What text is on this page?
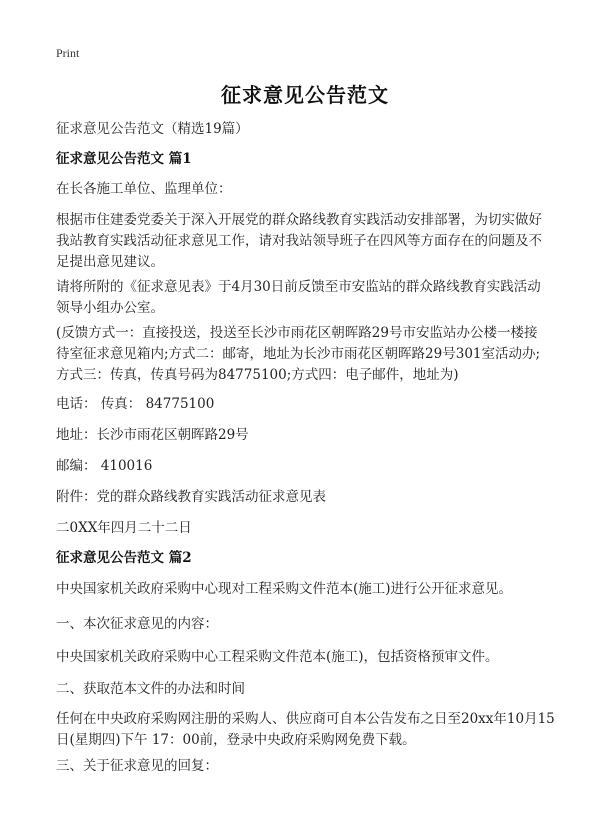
Print
征求意见公告范文
征求意见公告范文（精选19篇）
征求意见公告范文 篇1
在长各施工单位、监理单位：
根据市住建委党委关于深入开展党的群众路线教育实践活动安排部署，为切实做好
我站教育实践活动征求意见工作，请对我站领导班子在四风等方面存在的问题及不
足提出意见建议。
请将所附的《征求意见表》于4月30日前反馈至市安监站的群众路线教育实践活动
领导小组办公室。
(反馈方式一：直接投送，投送至长沙市雨花区朝晖路29号市安监站办公楼一楼接
待室征求意见箱内;方式二：邮寄，地址为长沙市雨花区朝晖路29号301室活动办;
方式三：传真，传真号码为84775100;方式四：电子邮件，地址为)
电话： 传真： 84775100
地址：长沙市雨花区朝晖路29号
邮编： 410016
附件：党的群众路线教育实践活动征求意见表
二0XX年四月二十二日
征求意见公告范文 篇2
中央国家机关政府采购中心现对工程采购文件范本(施工)进行公开征求意见。
一、本次征求意见的内容：
中央国家机关政府采购中心工程采购文件范本(施工)，包括资格预审文件。
二、获取范本文件的办法和时间
任何在中央政府采购网注册的采购人、供应商可自本公告发布之日至20xx年10月15
日(星期四)下午 17：00前，登录中央政府采购网免费下载。
三、关于征求意见的回复：
